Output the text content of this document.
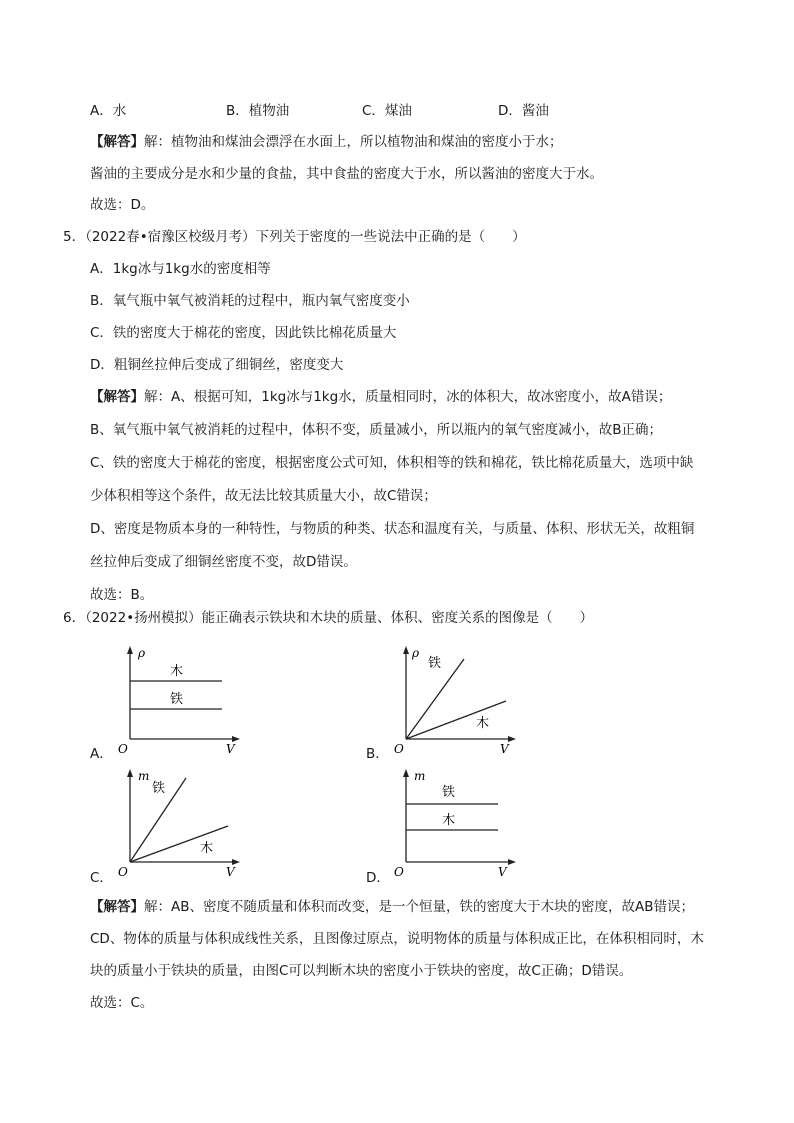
A．水	B．植物油	C．煤油	D．酱油
【解答】解：植物油和煤油会漂浮在水面上，所以植物油和煤油的密度小于水；
酱油的主要成分是水和少量的食盐，其中食盐的密度大于水，所以酱油的密度大于水。
故选：D。
5．（2022春•宿豫区校级月考）下列关于密度的一些说法中正确的是（　　）
A．1kg冰与1kg水的密度相等
B．氧气瓶中氧气被消耗的过程中，瓶内氧气密度变小
C．铁的密度大于棉花的密度，因此铁比棉花质量大
D．粗铜丝拉伸后变成了细铜丝，密度变大
【解答】解：A、根据可知，1kg冰与1kg水，质量相同时，冰的体积大，故冰密度小，故A错误；
B、氧气瓶中氧气被消耗的过程中，体积不变，质量减小，所以瓶内的氧气密度减小，故B正确；
C、铁的密度大于棉花的密度，根据密度公式可知，体积相等的铁和棉花，铁比棉花质量大，选项中缺
少体积相等这个条件，故无法比较其质量大小，故C错误；
D、密度是物质本身的一种特性，与物质的种类、状态和温度有关，与质量、体积、形状无关，故粗铜
丝拉伸后变成了细铜丝密度不变，故D错误。
故选：B。
6．（2022•扬州模拟）能正确表示铁块和木块的质量、体积、密度关系的图像是（　　）
A．
ρ
O	V
木
铁
B．
ρ
O	V
铁
木
C．
m
O	V
铁
木
D．
m
O	V
铁
木
【解答】解：AB、密度不随质量和体积而改变，是一个恒量，铁的密度大于木块的密度，故AB错误；
CD、物体的质量与体积成线性关系，且图像过原点，说明物体的质量与体积成正比，在体积相同时，木
块的质量小于铁块的质量，由图C可以判断木块的密度小于铁块的密度，故C正确；D错误。
故选：C。
